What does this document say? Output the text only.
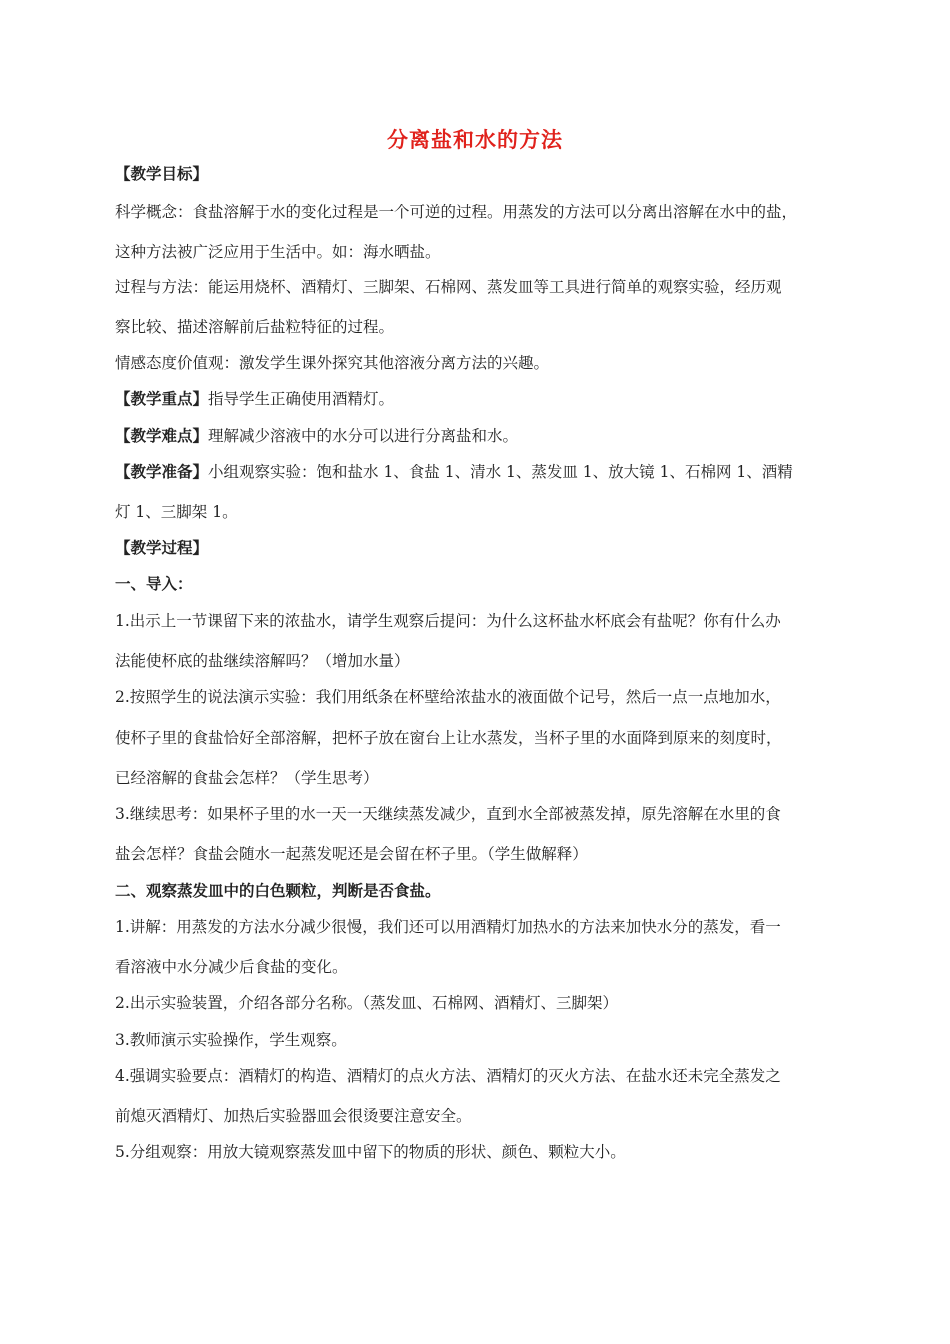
分离盐和水的方法
【教学目标】
科学概念：食盐溶解于水的变化过程是一个可逆的过程。用蒸发的方法可以分离出溶解在水中的盐，
这种方法被广泛应用于生活中。如：海水晒盐。
过程与方法：能运用烧杯、酒精灯、三脚架、石棉网、蒸发皿等工具进行简单的观察实验，经历观
察比较、描述溶解前后盐粒特征的过程。
情感态度价值观：激发学生课外探究其他溶液分离方法的兴趣。
【教学重点】指导学生正确使用酒精灯。
【教学难点】理解减少溶液中的水分可以进行分离盐和水。
【教学准备】小组观察实验：饱和盐水 1、食盐 1、清水 1、蒸发皿 1、放大镜 1、石棉网 1、酒精
灯 1、三脚架 1。
【教学过程】
一、导入：
1.出示上一节课留下来的浓盐水，请学生观察后提问：为什么这杯盐水杯底会有盐呢？你有什么办
法能使杯底的盐继续溶解吗？（增加水量）
2.按照学生的说法演示实验：我们用纸条在杯壁给浓盐水的液面做个记号，然后一点一点地加水，
使杯子里的食盐恰好全部溶解，把杯子放在窗台上让水蒸发，当杯子里的水面降到原来的刻度时，
已经溶解的食盐会怎样？（学生思考）
3.继续思考：如果杯子里的水一天一天继续蒸发减少，直到水全部被蒸发掉，原先溶解在水里的食
盐会怎样？食盐会随水一起蒸发呢还是会留在杯子里。（学生做解释）
二、观察蒸发皿中的白色颗粒，判断是否食盐。
1.讲解：用蒸发的方法水分减少很慢，我们还可以用酒精灯加热水的方法来加快水分的蒸发，看一
看溶液中水分减少后食盐的变化。
2.出示实验装置，介绍各部分名称。（蒸发皿、石棉网、酒精灯、三脚架）
3.教师演示实验操作，学生观察。
4.强调实验要点：酒精灯的构造、酒精灯的点火方法、酒精灯的灭火方法、在盐水还未完全蒸发之
前熄灭酒精灯、加热后实验器皿会很烫要注意安全。
5.分组观察：用放大镜观察蒸发皿中留下的物质的形状、颜色、颗粒大小。
